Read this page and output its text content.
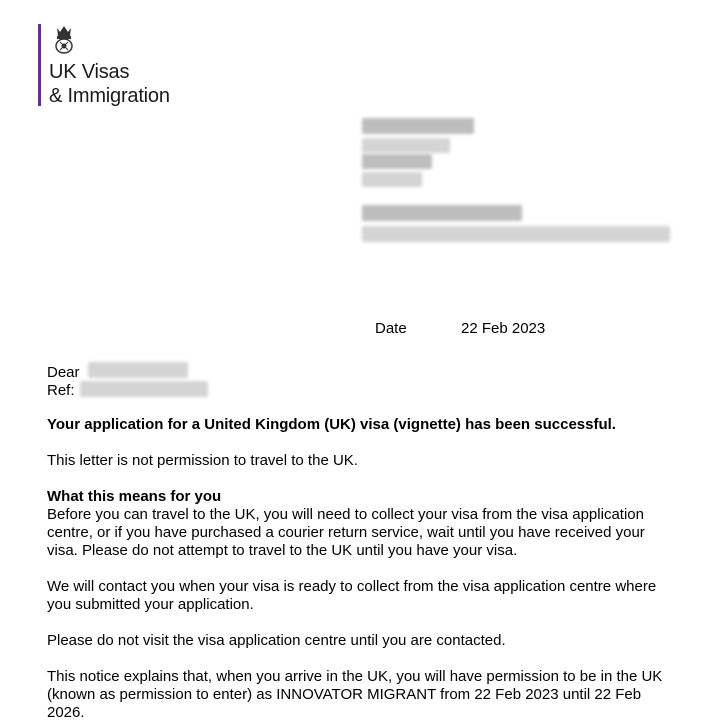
UK Visas
& Immigration
Date	22 Feb 2023
Dear
Ref:

Your application for a United Kingdom (UK) visa (vignette) has been successful.

This letter is not permission to travel to the UK.

What this means for you

Before you can travel to the UK, you will need to collect your visa from the visa application centre, or if you have purchased a courier return service, wait until you have received your visa. Please do not attempt to travel to the UK until you have your visa.

We will contact you when your visa is ready to collect from the visa application centre where you submitted your application.

Please do not visit the visa application centre until you are contacted.

This notice explains that, when you arrive in the UK, you will have permission to be in the UK (known as permission to enter) as INNOVATOR MIGRANT from 22 Feb 2023 until 22 Feb 2026.
